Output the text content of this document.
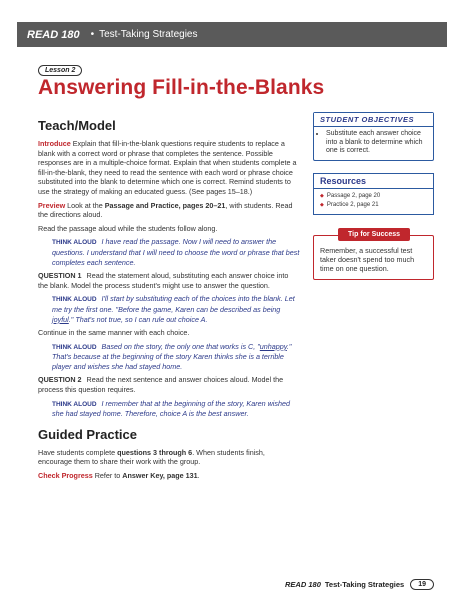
READ 180 • Test-Taking Strategies
Lesson 2
Answering Fill-in-the-Blanks
Teach/Model

Introduce Explain that fill-in-the-blank questions require students to replace a blank with a correct word or phrase that completes the sentence. Possible responses are in a multiple-choice format. Explain that when students complete a fill-in-the-blank, they need to read the sentence with each word or phrase choice substituted into the blank to determine which one is correct. Remind students to use the strategy of making an educated guess. (See pages 15–18.)

Preview Look at the Passage and Practice, pages 20–21, with students. Read the directions aloud.

Read the passage aloud while the students follow along.

THINK ALOUD I have read the passage. Now I will need to answer the questions. I understand that I will need to choose the word or phrase that best completes each sentence.

QUESTION 1 Read the statement aloud, substituting each answer choice into the blank. Model the process student's might use to answer the question.

THINK ALOUD I'll start by substituting each of the choices into the blank. Let me try the first one. "Before the game, Karen can be described as being joyful." That's not true, so I can rule out choice A.

Continue in the same manner with each choice.

THINK ALOUD Based on the story, the only one that works is C, "unhappy." That's because at the beginning of the story Karen thinks she is a terrible player and wishes she had stayed home.

QUESTION 2 Read the next sentence and answer choices aloud. Model the process this question requires.

THINK ALOUD I remember that at the beginning of the story, Karen wished she had stayed home. Therefore, choice A is the best answer.

Guided Practice

Have students complete questions 3 through 6. When students finish, encourage them to share their work with the group.

Check Progress Refer to Answer Key, page 131.

STUDENT OBJECTIVES
• Substitute each answer choice into a blank to determine which one is correct.
Resources
◆ Passage 2, page 20
◆ Practice 2, page 21
Tip for Success
Remember, a successful test taker doesn't spend too much time on one question.
READ 180 Test-Taking Strategies	19
